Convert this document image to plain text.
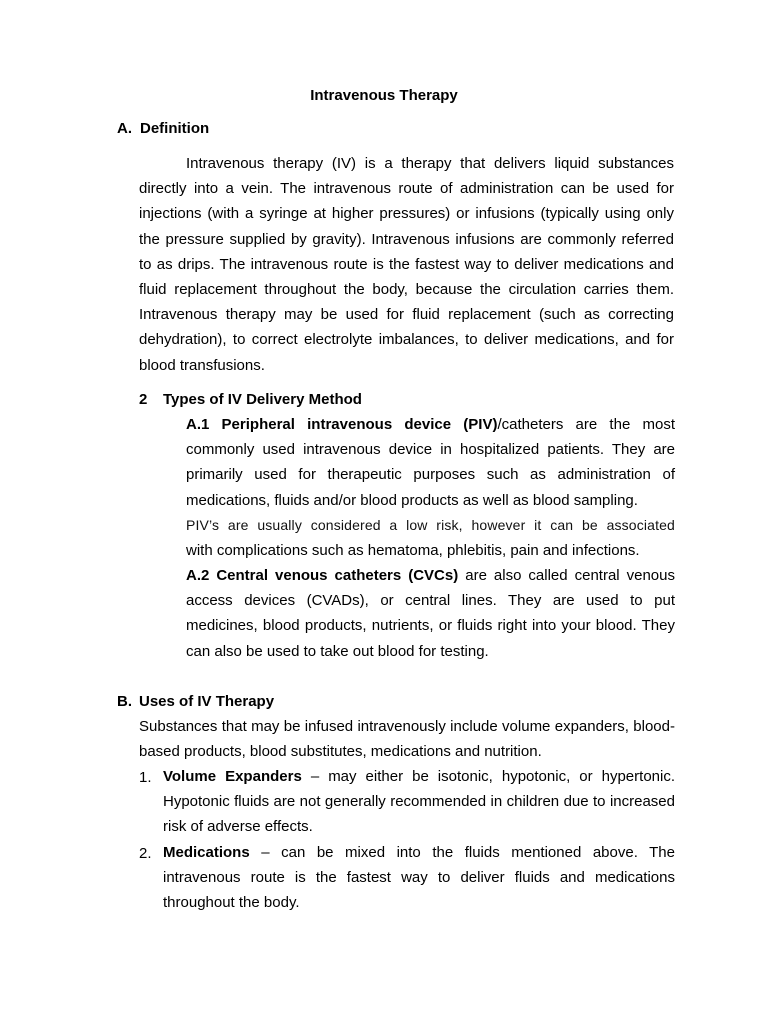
Intravenous Therapy
A. Definition

Intravenous therapy (IV) is a therapy that delivers liquid substances directly into a vein. The intravenous route of administration can be used for injections (with a syringe at higher pressures) or infusions (typically using only the pressure supplied by gravity). Intravenous infusions are commonly referred to as drips. The intravenous route is the fastest way to deliver medications and fluid replacement throughout the body, because the circulation carries them. Intravenous therapy may be used for fluid replacement (such as correcting dehydration), to correct electrolyte imbalances, to deliver medications, and for blood transfusions.

2 Types of IV Delivery Method
A.1 Peripheral intravenous device (PIV)/catheters are the most commonly used intravenous device in hospitalized patients. They are primarily used for therapeutic purposes such as administration of medications, fluids and/or blood products as well as blood sampling.
PIV’s are usually considered a low risk, however it can be associated
with complications such as hematoma, phlebitis, pain and infections.

A.2 Central venous catheters (CVCs) are also called central venous access devices (CVADs), or central lines. They are used to put medicines, blood products, nutrients, or fluids right into your blood. They can also be used to take out blood for testing.

B. Uses of IV Therapy

Substances that may be infused intravenously include volume expanders, blood-based products, blood substitutes, medications and nutrition.

1. Volume Expanders – may either be isotonic, hypotonic, or hypertonic. Hypotonic fluids are not generally recommended in children due to increased risk of adverse effects.

2. Medications – can be mixed into the fluids mentioned above. The intravenous route is the fastest way to deliver fluids and medications throughout the body.
